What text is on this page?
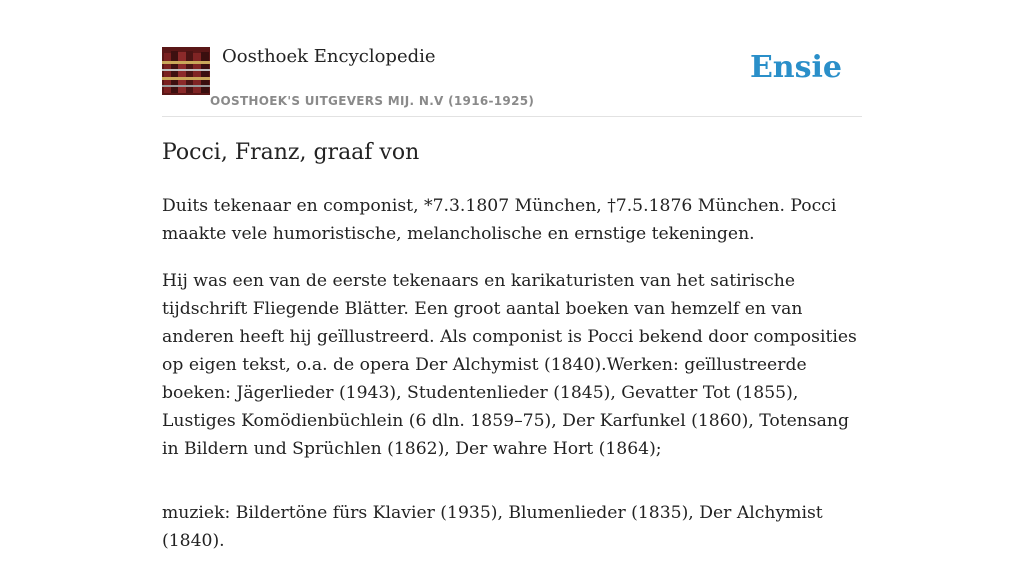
Oosthoek Encyclopedie
OOSTHOEK'S UITGEVERS MIJ. N.V (1916-1925)
Ensie
Pocci, Franz, graaf von

Duits tekenaar en componist, *7.3.1807 München, †7.5.1876 München. Pocci maakte vele humoristische, melancholische en ernstige tekeningen.

Hij was een van de eerste tekenaars en karikaturisten van het satirische tijdschrift Fliegende Blätter. Een groot aantal boeken van hemzelf en van anderen heeft hij geïllustreerd. Als componist is Pocci bekend door composities op eigen tekst, o.a. de opera Der Alchymist (1840).Werken: geïllustreerde boeken: Jägerlieder (1943), Studentenlieder (1845), Gevatter Tot (1855), Lustiges Komödienbüchlein (6 dln. 1859–75), Der Karfunkel (1860), Totensang in Bildern und Sprüchlen (1862), Der wahre Hort (1864);

muziek: Bildertöne fürs Klavier (1935), Blumenlieder (1835), Der Alchymist (1840).
